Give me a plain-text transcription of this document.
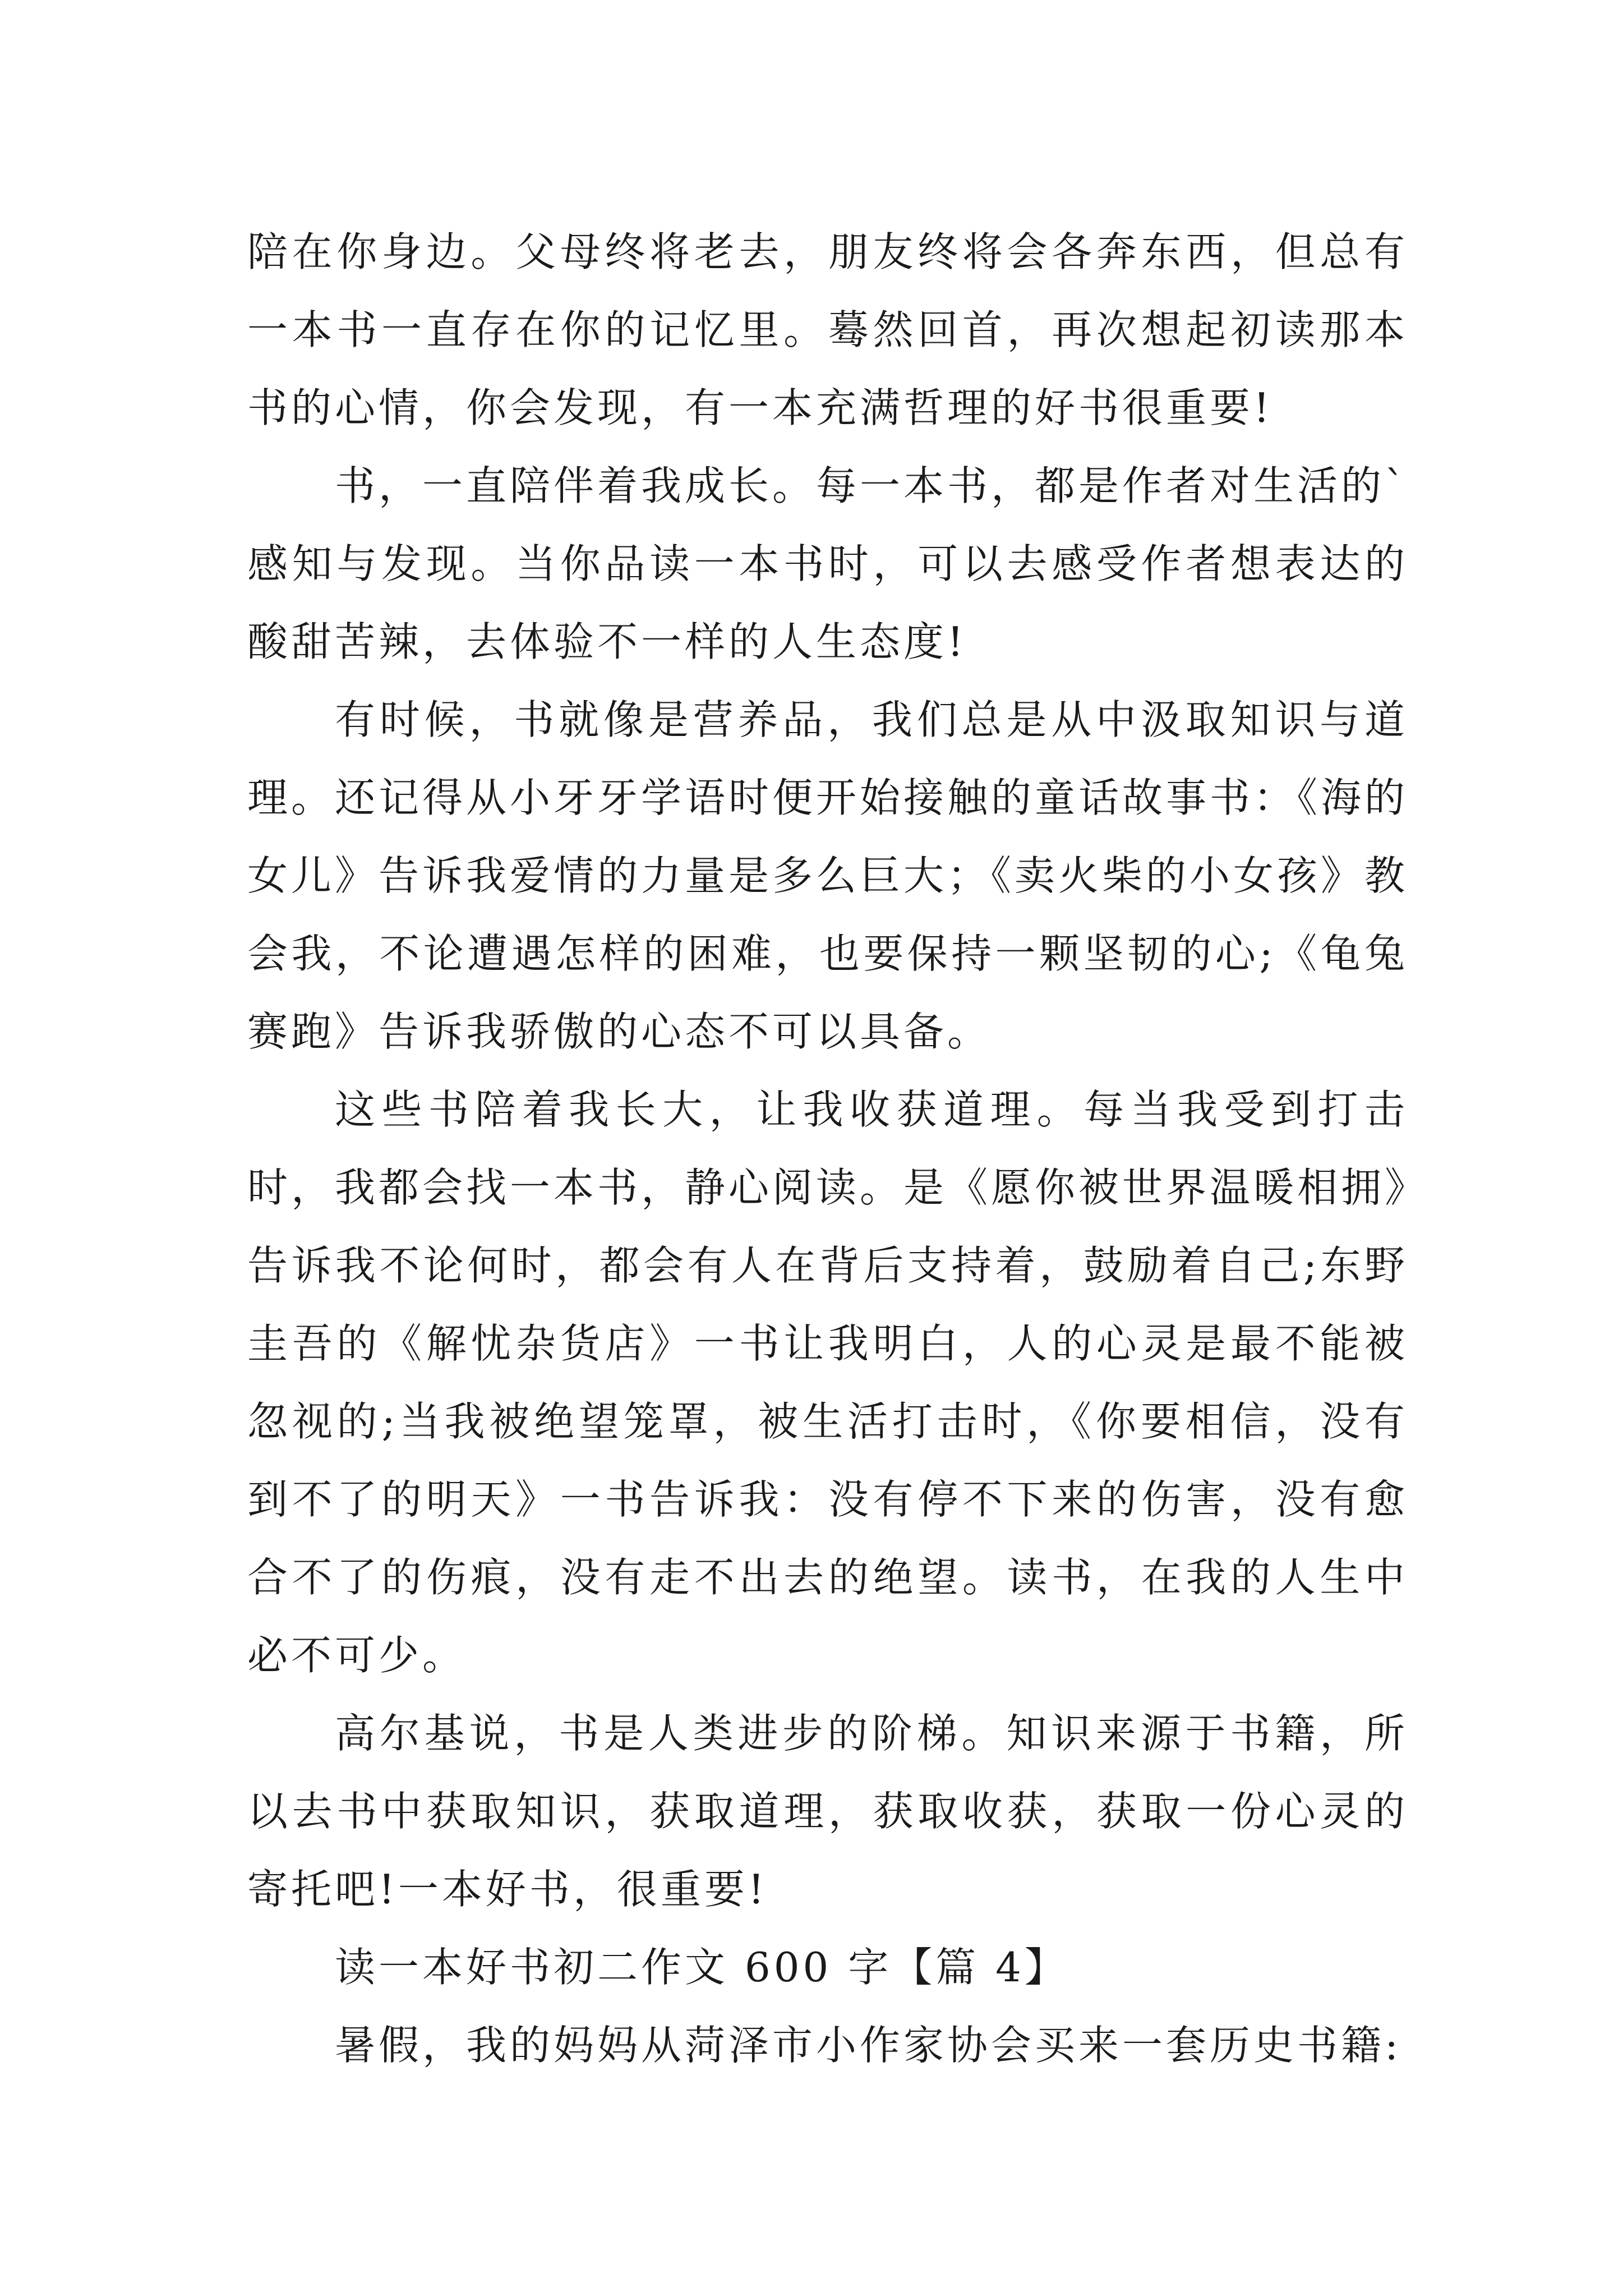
陪在你身边。父母终将老去，朋友终将会各奔东西，但总有一本书一直存在你的记忆里。蓦然回首，再次想起初读那本书的心情，你会发现，有一本充满哲理的好书很重要!

书，一直陪伴着我成长。每一本书，都是作者对生活的`感知与发现。当你品读一本书时，可以去感受作者想表达的酸甜苦辣，去体验不一样的人生态度!

有时候，书就像是营养品，我们总是从中汲取知识与道理。还记得从小牙牙学语时便开始接触的童话故事书：《海的女儿》告诉我爱情的力量是多么巨大；《卖火柴的小女孩》教会我，不论遭遇怎样的困难，也要保持一颗坚韧的心;《龟兔赛跑》告诉我骄傲的心态不可以具备。

这些书陪着我长大，让我收获道理。每当我受到打击时，我都会找一本书，静心阅读。是《愿你被世界温暖相拥》告诉我不论何时，都会有人在背后支持着，鼓励着自己;东野圭吾的《解忧杂货店》一书让我明白，人的心灵是最不能被忽视的;当我被绝望笼罩，被生活打击时，《你要相信，没有到不了的明天》一书告诉我：没有停不下来的伤害，没有愈合不了的伤痕，没有走不出去的绝望。读书，在我的人生中必不可少。

高尔基说，书是人类进步的阶梯。知识来源于书籍，所以去书中获取知识，获取道理，获取收获，获取一份心灵的寄托吧!一本好书，很重要!

读一本好书初二作文 600 字【篇 4】

暑假，我的妈妈从菏泽市小作家协会买来一套历史书籍:
